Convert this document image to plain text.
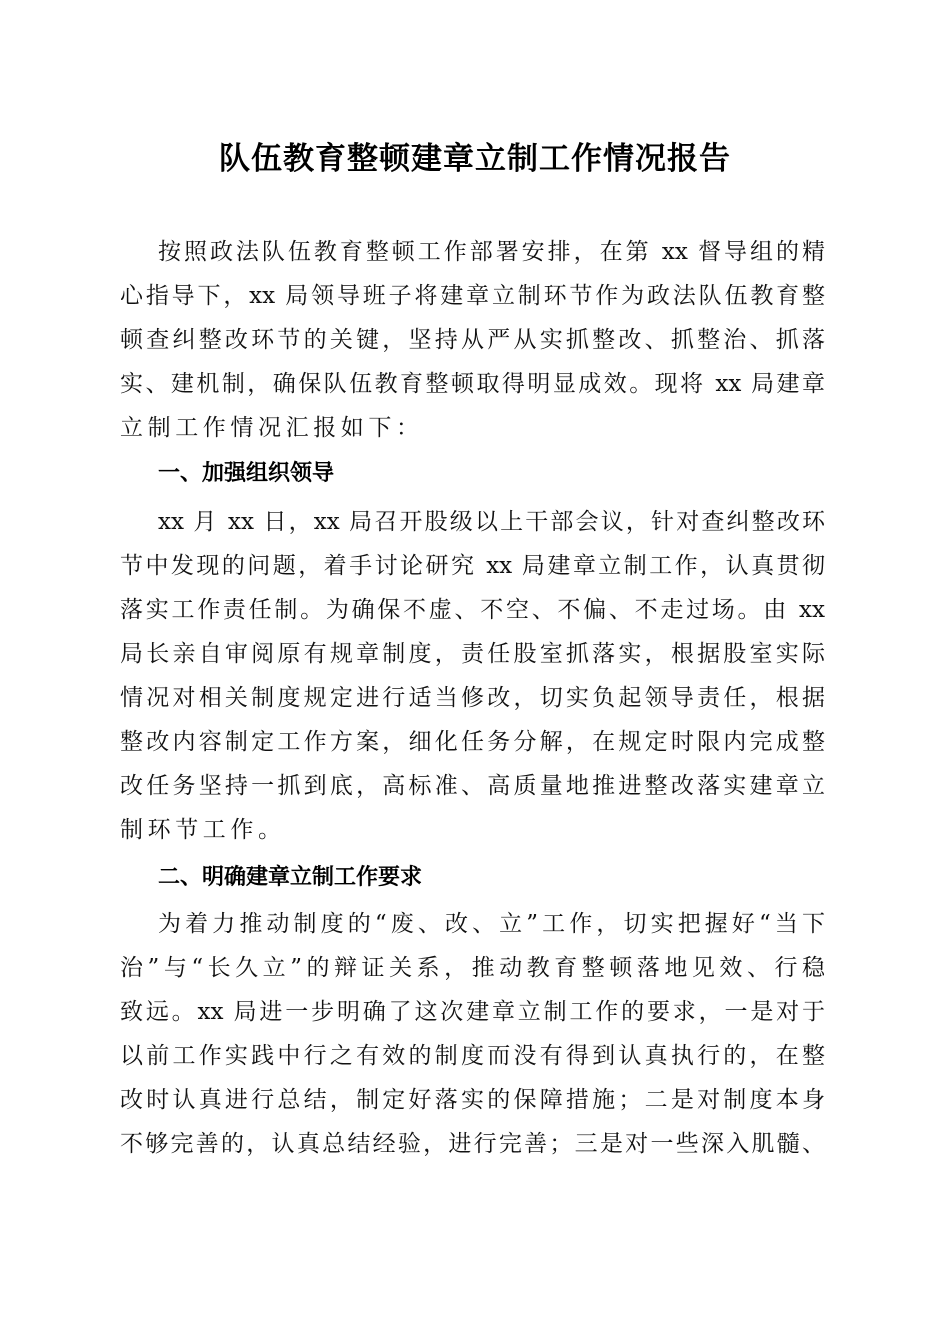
队伍教育整顿建章立制工作情况报告
按照政法队伍教育整顿工作部署安排，在第 xx 督导组的精
心指导下，xx 局领导班子将建章立制环节作为政法队伍教育整
顿查纠整改环节的关键，坚持从严从实抓整改、抓整治、抓落
实、建机制，确保队伍教育整顿取得明显成效。现将 xx 局建章
立制工作情况汇报如下：
一、加强组织领导
xx 月 xx 日，xx 局召开股级以上干部会议，针对查纠整改环
节中发现的问题，着手讨论研究 xx 局建章立制工作，认真贯彻
落实工作责任制。为确保不虚、不空、不偏、不走过场。由 xx
局长亲自审阅原有规章制度，责任股室抓落实，根据股室实际
情况对相关制度规定进行适当修改，切实负起领导责任，根据
整改内容制定工作方案，细化任务分解，在规定时限内完成整
改任务坚持一抓到底，高标准、高质量地推进整改落实建章立
制环节工作。
二、明确建章立制工作要求
为着力推动制度的“废、改、立”工作，切实把握好“当下
治”与“长久立”的辩证关系，推动教育整顿落地见效、行稳
致远。xx 局进一步明确了这次建章立制工作的要求，一是对于
以前工作实践中行之有效的制度而没有得到认真执行的，在整
改时认真进行总结，制定好落实的保障措施；二是对制度本身
不够完善的，认真总结经验，进行完善；三是对一些深入肌髓、
